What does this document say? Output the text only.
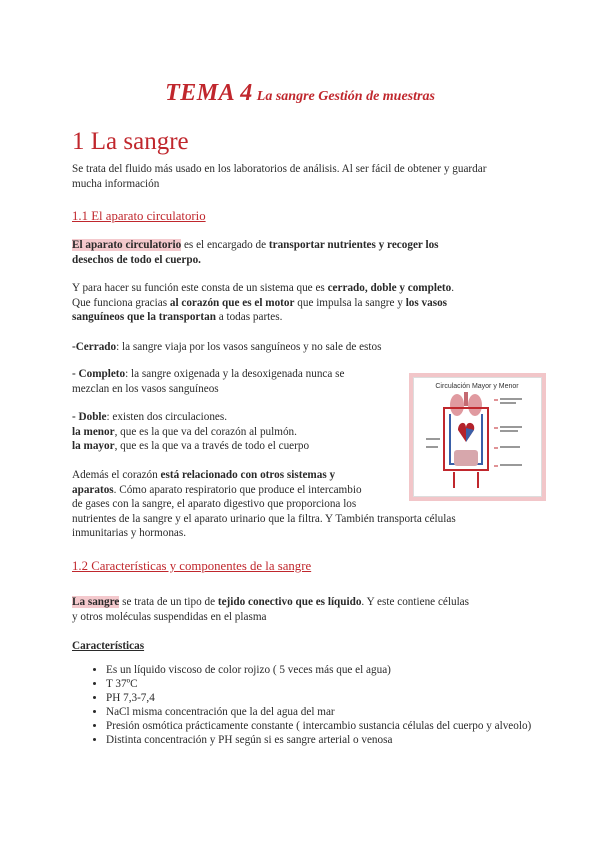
TEMA 4 La sangre Gestión de muestras
1 La sangre
Se trata del fluido más usado en los laboratorios de análisis. Al ser fácil de obtener y guardar
mucha información
1.1 El aparato circulatorio
El aparato circulatorio es el encargado de transportar nutrientes y recoger los
desechos de todo el cuerpo.
Y para hacer su función este consta de un sistema que es cerrado, doble y completo.
Que funciona gracias al corazón que es el motor que impulsa la sangre y los vasos
sanguíneos que la transportan a todas partes.
-Cerrado: la sangre viaja por los vasos sanguíneos y no sale de estos
- Completo: la sangre oxigenada y la desoxigenada nunca se
mezclan en los vasos sanguíneos
- Doble: existen dos circulaciones.
la menor, que es la que va del corazón al pulmón.
la mayor, que es la que va a través de todo el cuerpo
Circulación Mayor y Menor
Además el corazón está relacionado con otros sistemas y
aparatos. Cómo aparato respiratorio que produce el intercambio
de gases con la sangre, el aparato digestivo que proporciona los
nutrientes de la sangre y el aparato urinario que la filtra. Y También transporta células
inmunitarias y hormonas.
1.2 Características y componentes de la sangre
La sangre se trata de un tipo de tejido conectivo que es líquido. Y este contiene células
y otros moléculas suspendidas en el plasma
Características
• Es un líquido viscoso de color rojizo ( 5 veces más que el agua)
• T 37ºC
• PH 7,3-7,4
• NaCl misma concentración que la del agua del mar
• Presión osmótica prácticamente constante ( intercambio sustancia células del cuerpo y alveolo)
• Distinta concentración y PH según si es sangre arterial o venosa
